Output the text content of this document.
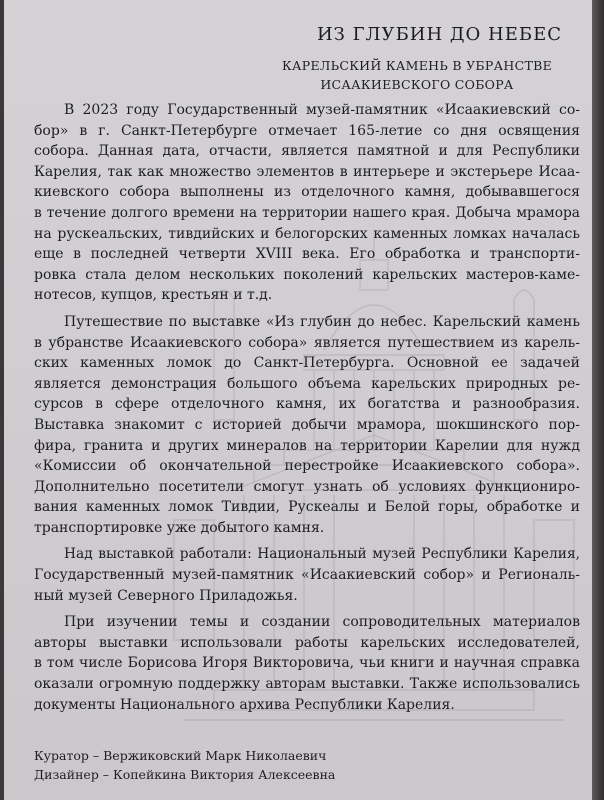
ИЗ ГЛУБИН ДО НЕБЕС
КАРЕЛЬСКИЙ КАМЕНЬ В УБРАНСТВЕ
ИСААКИЕВСКОГО СОБОРА
В 2023 году Государственный музей-памятник «Исаакиевский со-
бор» в г. Санкт-Петербурге отмечает 165-летие со дня освящения
собора. Данная дата, отчасти, является памятной и для Республики
Карелия, так как множество элементов в интерьере и экстерьере Исаа-
киевского собора выполнены из отделочного камня, добывавшегося
в течение долгого времени на территории нашего края. Добыча мрамора
на рускеальских, тивдийских и белогорских каменных ломках началась
еще в последней четверти XVIII века. Его обработка и транспорти-
ровка стала делом нескольких поколений карельских мастеров-камe-
нотесов, купцов, крестьян и т.д.
Путешествие по выставке «Из глубин до небес. Карельский камень
в убранстве Исаакиевского собора» является путешествием из карель-
ских каменных ломок до Санкт-Петербурга. Основной ее задачей
является демонстрация большого объема карельских природных ре-
сурсов в сфере отделочного камня, их богатства и разнообразия.
Выставка знакомит с историей добычи мрамора, шокшинского пор-
фира, гранита и других минералов на территории Карелии для нужд
«Комиссии об окончательной перестройке Исаакиевского собора».
Дополнительно посетители смогут узнать об условиях функциониро-
вания каменных ломок Тивдии, Рускеалы и Белой горы, обработке и
транспортировке уже добытого камня.
Над выставкой работали: Национальный музей Республики Карелия,
Государственный музей-памятник «Исаакиевский собор» и Региональ-
ный музей Северного Приладожья.
При изучении темы и создании сопроводительных материалов
авторы выставки использовали работы карельских исследователей,
в том числе Борисова Игоря Викторовича, чьи книги и научная справка
оказали огромную поддержку авторам выставки. Также использовались
документы Национального архива Республики Карелия.
Куратор – Вержиковский Марк Николаевич
Дизайнер – Копейкина Виктория Алексеевна
